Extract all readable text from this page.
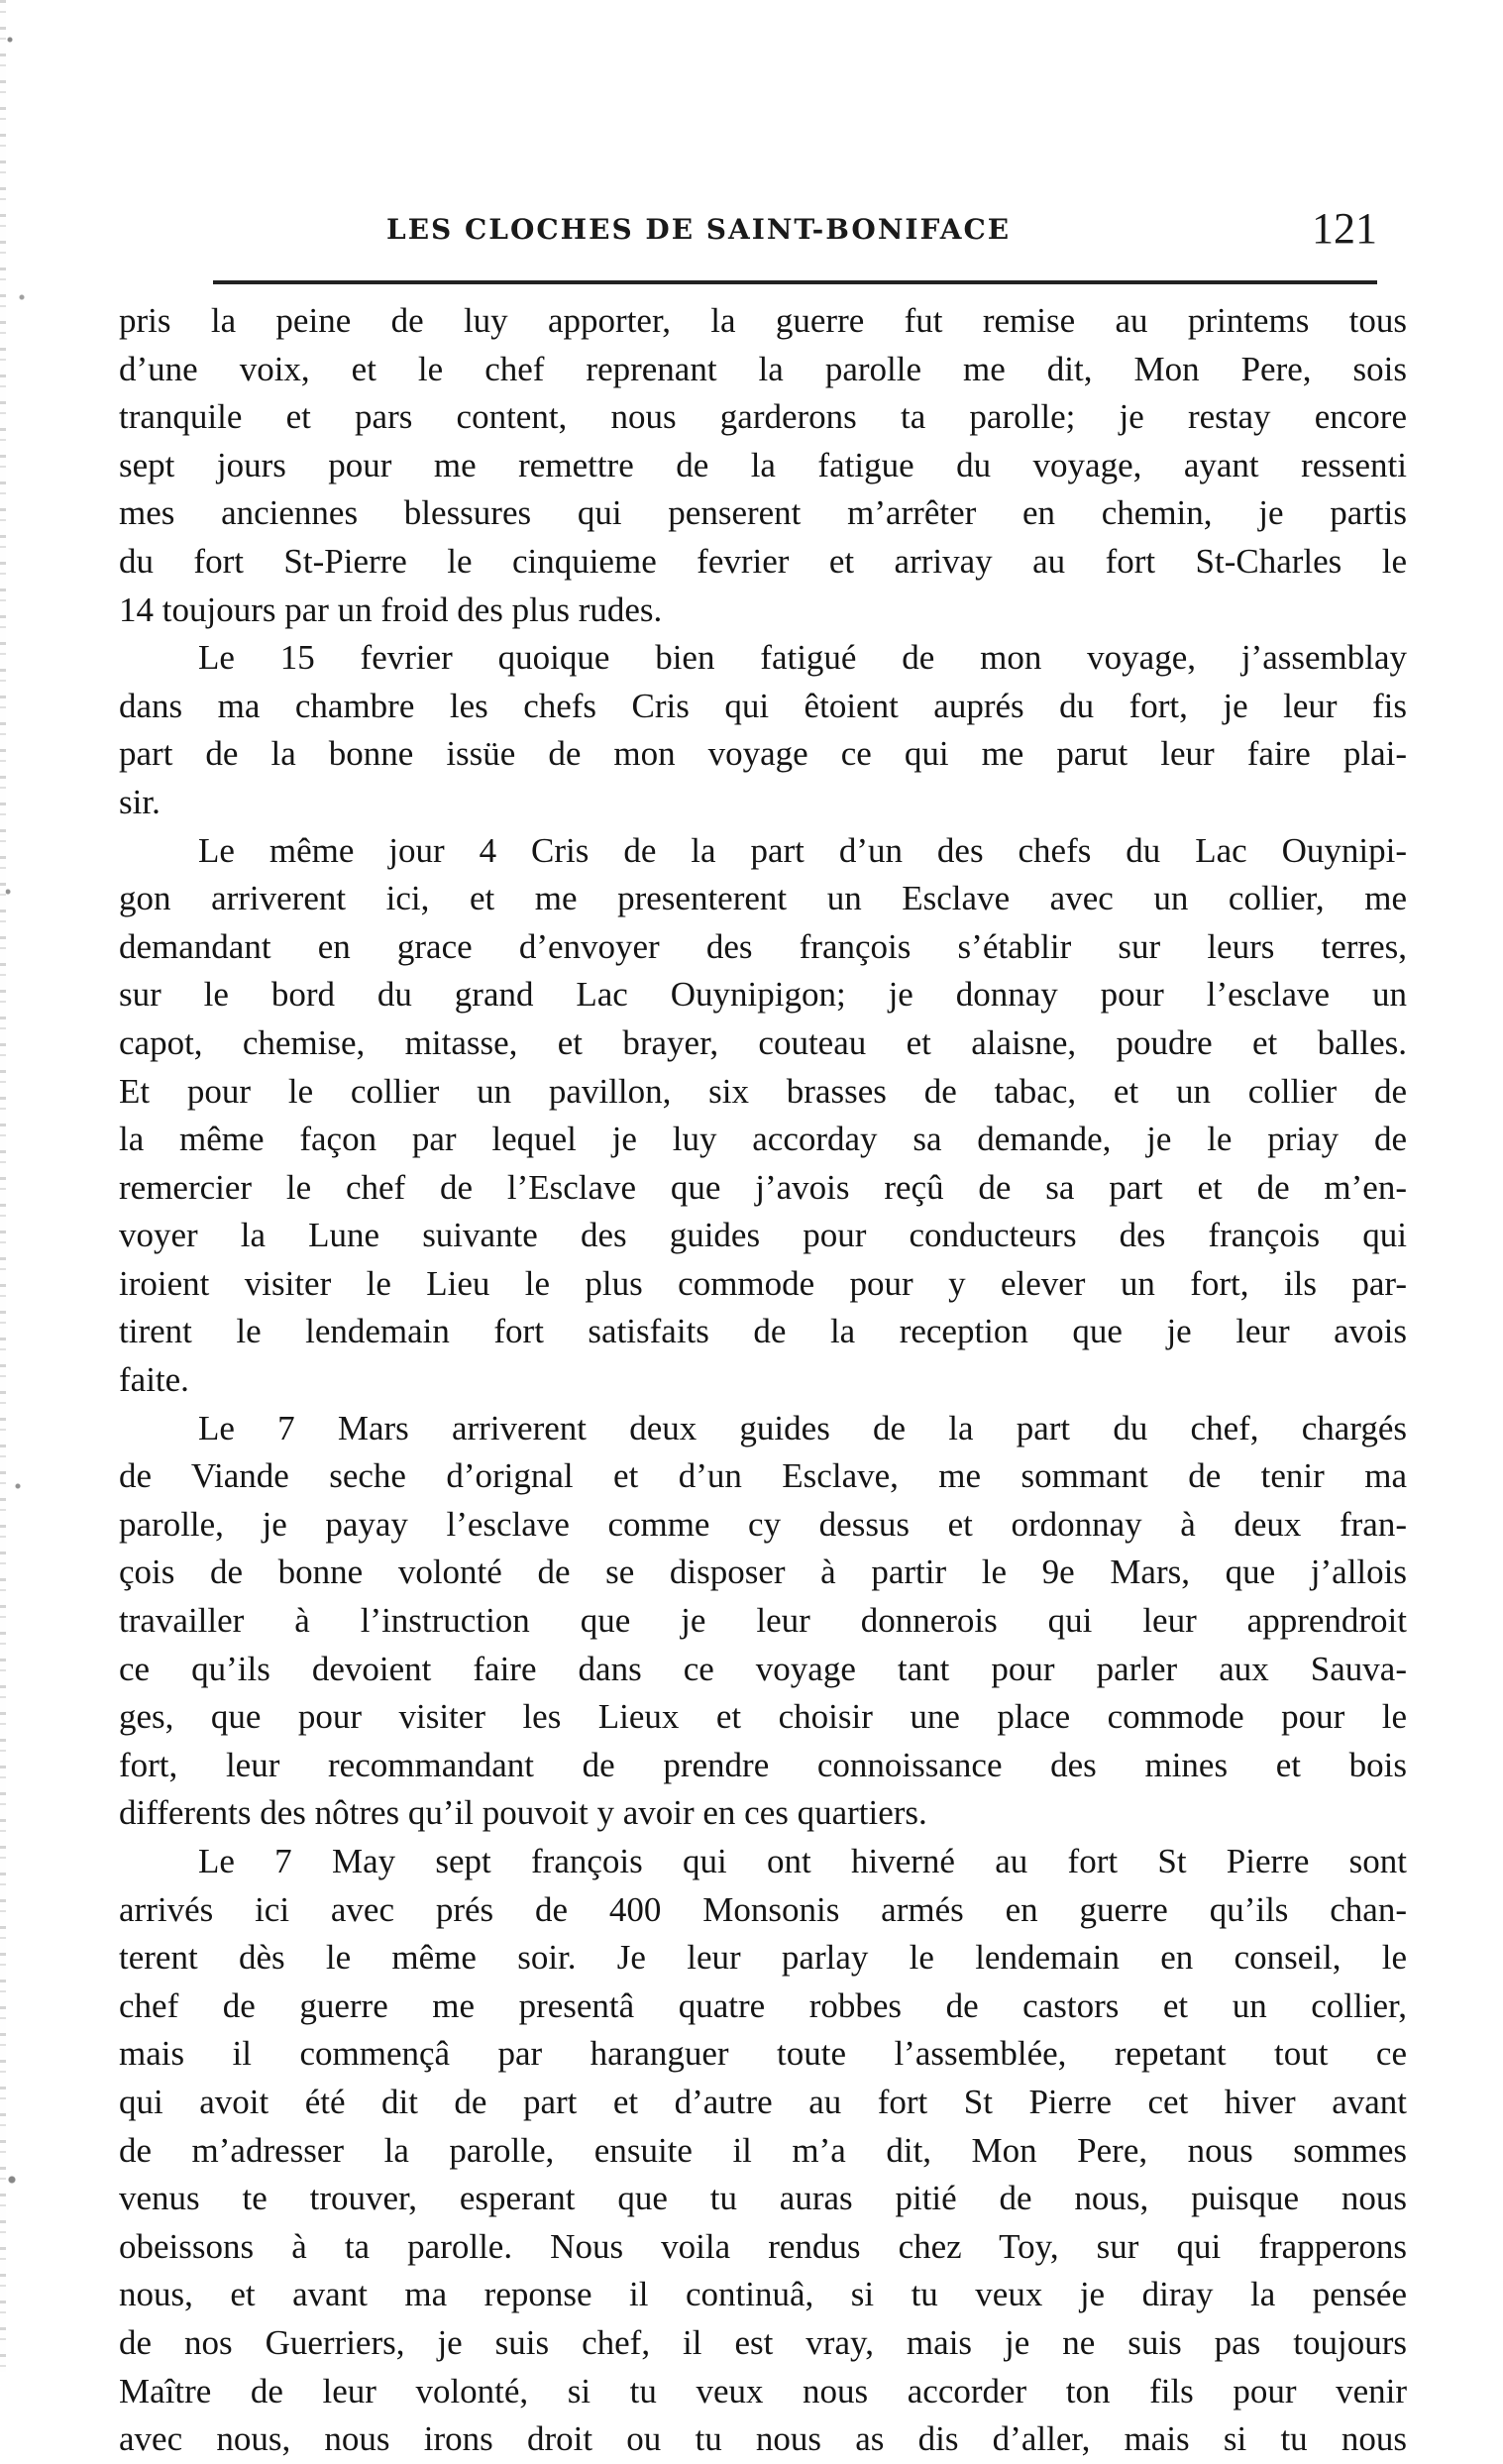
LES CLOCHES DE SAINT-BONIFACE	121
pris la peine de luy apporter, la guerre fut remise au printems tous
d’une voix, et le chef reprenant la parolle me dit, Mon Pere, sois
tranquile et pars content, nous garderons ta parolle; je restay encore
sept jours pour me remettre de la fatigue du voyage, ayant ressenti
mes anciennes blessures qui penserent m’arrêter en chemin, je partis
du fort St-Pierre le cinquieme fevrier et arrivay au fort St-Charles le
14 toujours par un froid des plus rudes.
Le 15 fevrier quoique bien fatigué de mon voyage, j’assemblay
dans ma chambre les chefs Cris qui êtoient auprés du fort, je leur fis
part de la bonne issüe de mon voyage ce qui me parut leur faire plai-
sir.
Le même jour 4 Cris de la part d’un des chefs du Lac Ouynipi-
gon arriverent ici, et me presenterent un Esclave avec un collier, me
demandant en grace d’envoyer des françois s’établir sur leurs terres,
sur le bord du grand Lac Ouynipigon; je donnay pour l’esclave un
capot, chemise, mitasse, et brayer, couteau et alaisne, poudre et balles.
Et pour le collier un pavillon, six brasses de tabac, et un collier de
la même façon par lequel je luy accorday sa demande, je le priay de
remercier le chef de l’Esclave que j’avois reçû de sa part et de m’en-
voyer la Lune suivante des guides pour conducteurs des françois qui
iroient visiter le Lieu le plus commode pour y elever un fort, ils par-
tirent le lendemain fort satisfaits de la reception que je leur avois
faite.
Le 7 Mars arriverent deux guides de la part du chef, chargés
de Viande seche d’orignal et d’un Esclave, me sommant de tenir ma
parolle, je payay l’esclave comme cy dessus et ordonnay à deux fran-
çois de bonne volonté de se disposer à partir le 9e Mars, que j’allois
travailler à l’instruction que je leur donnerois qui leur apprendroit
ce qu’ils devoient faire dans ce voyage tant pour parler aux Sauva-
ges, que pour visiter les Lieux et choisir une place commode pour le
fort, leur recommandant de prendre connoissance des mines et bois
differents des nôtres qu’il pouvoit y avoir en ces quartiers.
Le 7 May sept françois qui ont hiverné au fort St Pierre sont
arrivés ici avec prés de 400 Monsonis armés en guerre qu’ils chan-
terent dès le même soir. Je leur parlay le lendemain en conseil, le
chef de guerre me presentâ quatre robbes de castors et un collier,
mais il commençâ par haranguer toute l’assemblée, repetant tout ce
qui avoit été dit de part et d’autre au fort St Pierre cet hiver avant
de m’adresser la parolle, ensuite il m’a dit, Mon Pere, nous sommes
venus te trouver, esperant que tu auras pitié de nous, puisque nous
obeissons à ta parolle. Nous voila rendus chez Toy, sur qui frapperons
nous, et avant ma reponse il continuâ, si tu veux je diray la pensée
de nos Guerriers, je suis chef, il est vray, mais je ne suis pas toujours
Maître de leur volonté, si tu veux nous accorder ton fils pour venir
avec nous, nous irons droit ou tu nous as dis d’aller, mais si tu nous
